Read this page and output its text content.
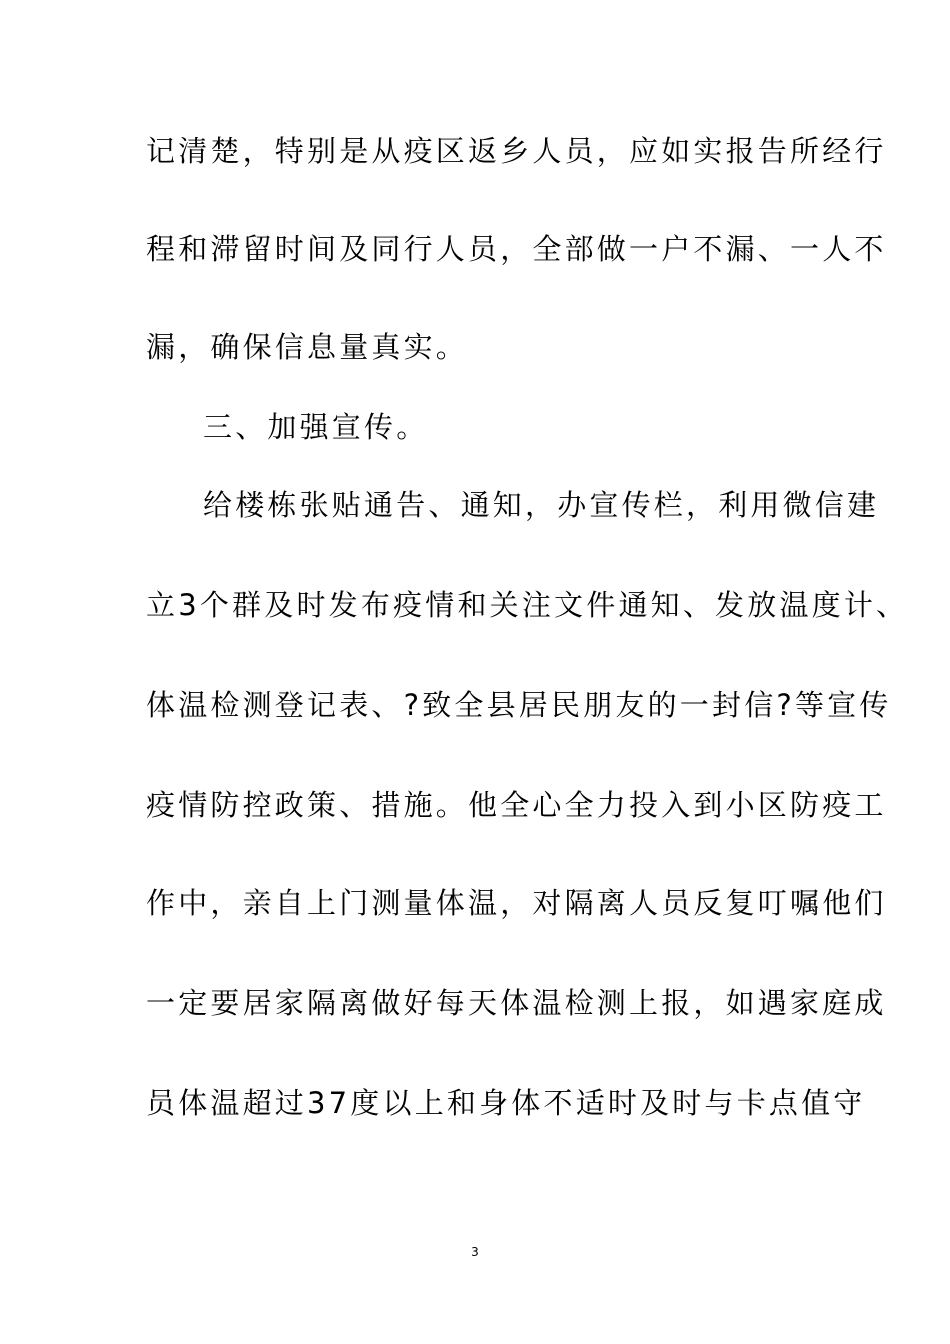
记清楚，特别是从疫区返乡人员，应如实报告所经行
程和滞留时间及同行人员，全部做一户不漏、一人不
漏，确保信息量真实。
三、加强宣传。
给楼栋张贴通告、通知，办宣传栏，利用微信建
立3个群及时发布疫情和关注文件通知、发放温度计、
体温检测登记表、?致全县居民朋友的一封信?等宣传
疫情防控政策、措施。他全心全力投入到小区防疫工
作中，亲自上门测量体温，对隔离人员反复叮嘱他们
一定要居家隔离做好每天体温检测上报，如遇家庭成
员体温超过37度以上和身体不适时及时与卡点值守
3
